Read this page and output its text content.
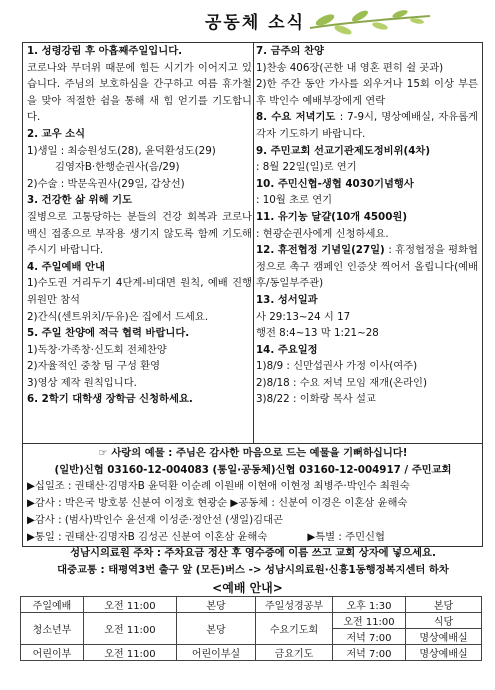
공동체 소식
1. 성령강림 후 아홉째주일입니다.
코로나와 무더위 때문에 힘든 시기가 이어지고 있습니다. 주님의 보호하심을 간구하고 여름 휴가철을 맞아 적절한 쉼을 통해 새 힘 얻기를 기도합니다.
2. 교우 소식
1)생일 : 최승원성도(28), 윤덕환성도(29)
김영자B·한행순권사(음/29)
2)수술 : 박문옥권사(29일, 갑상선)
3. 건강한 삶 위해 기도
질병으로 고통당하는 분들의 건강 회복과 코로나 백신 접종으로 부작용 생기지 않도록 함께 기도해주시기 바랍니다.
4. 주일예배 안내
1)수도권 거리두기 4단계-비대면 원칙, 예배 진행위원만 참석
2)간식(센트위치/두유)은 집에서 드세요.
5. 주일 찬양에 적극 협력 바랍니다.
1)독창·가족창·신도회 전체찬양
2)자율적인 중창 팀 구성 환영
3)영상 제작 원칙입니다.
6. 2학기 대학생 장학금 신청하세요.
7. 금주의 찬양
1)찬송 406장(곤한 내 영혼 편히 쉴 곳과)
2)한 주간 동안 가사를 외우거나 15회 이상 부른 후 박인수 예배부장에게 연락
8. 수요 저녁기도 : 7-9시, 명상예배실, 자유롭게 각자 기도하기 바랍니다.
9. 주민교회 선교기관제도정비위(4차)
: 8월 22일(일)로 연기
10. 주민신협-생협 4030기념행사
: 10월 초로 연기
11. 유기농 달걀(10개 4500원)
: 현광순권사에게 신청하세요.
12. 휴전협정 기념일(27일) : 휴정협정을 평화협정으로 촉구 캠페인 인증샷 찍어서 올립니다(예배 후/동일부주관)
13. 성서일과
사 29:13~24 시 17
행전 8:4~13 막 1:21~28
14. 주요일정
1)8/9 : 신만섭권사 가정 이사(여주)
2)8/18 : 수요 저녁 모임 재개(온라인)
3)8/22 : 이화랑 목사 설교
☞ 사랑의 예물 : 주님은 감사한 마음으로 드는 예물을 기뻐하십니다!
(일반)신협 03160-12-004083 (통일·공동체)신협 03160-12-004917 / 주민교회
▶십일조 : 권태산·김명자B 윤덕환 이순례 이원배 이현애 이현정 최병주·박인수 최원숙
▶감사 : 박은국 방호봉 신분여 이정호 현광순 ▶공동체 : 신분여 이경은 이혼삼 윤해숙
▶감사 : (범사)박인수 윤선재 이성준·정안선 (생일)김대곤
▶통일 : 권태산·김명자B 김성곤 신분여 이혼삼 윤해숙	▶특별 : 주민신협
성남시의료원 주차 : 주차요금 정산 후 영수증에 이름 쓰고 교회 상자에 넣으세요.
대중교통 : 태평역3번 출구 앞 (모든)버스 -> 성남시의료원·신흥1동행정복지센터 하차
<예배 안내>
주일예배	오전 11:00	본당	주일성경공부	오후 1:30	본당
청소년부	오전 11:00	본당	수요기도회	오전 11:00	식당
				저녁 7:00	명상예배실
어린이부	오전 11:00	어린이부실	금요기도	저녁 7:00	명상예배실
